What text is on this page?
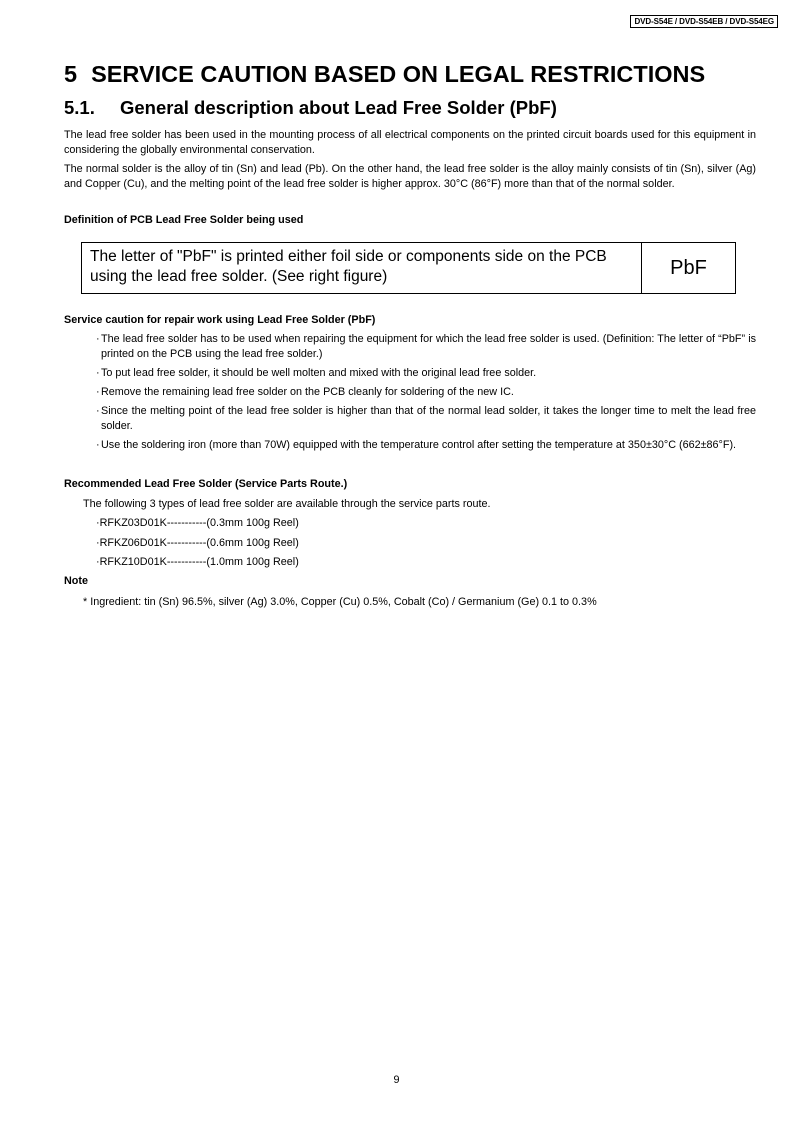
DVD-S54E / DVD-S54EB / DVD-S54EG
5 SERVICE CAUTION BASED ON LEGAL RESTRICTIONS
5.1. General description about Lead Free Solder (PbF)

The lead free solder has been used in the mounting process of all electrical components on the printed circuit boards used for this equipment in considering the globally environmental conservation.

The normal solder is the alloy of tin (Sn) and lead (Pb). On the other hand, the lead free solder is the alloy mainly consists of tin (Sn), silver (Ag) and Copper (Cu), and the melting point of the lead free solder is higher approx. 30°C (86°F) more than that of the normal solder.

Definition of PCB Lead Free Solder being used
The letter of "PbF" is printed either foil side or components side on the PCB using the lead free solder. (See right figure)	PbF
Service caution for repair work using Lead Free Solder (PbF)
· The lead free solder has to be used when repairing the equipment for which the lead free solder is used. (Definition: The letter of “PbF” is printed on the PCB using the lead free solder.)
· To put lead free solder, it should be well molten and mixed with the original lead free solder.
· Remove the remaining lead free solder on the PCB cleanly for soldering of the new IC.
· Since the melting point of the lead free solder is higher than that of the normal lead solder, it takes the longer time to melt the lead free solder.
· Use the soldering iron (more than 70W) equipped with the temperature control after setting the temperature at 350±30°C (662±86°F).
Recommended Lead Free Solder (Service Parts Route.)
The following 3 types of lead free solder are available through the service parts route.
·RFKZ03D01K-----------(0.3mm 100g Reel)
·RFKZ06D01K-----------(0.6mm 100g Reel)
·RFKZ10D01K-----------(1.0mm 100g Reel)
Note
* Ingredient: tin (Sn) 96.5%, silver (Ag) 3.0%, Copper (Cu) 0.5%, Cobalt (Co) / Germanium (Ge) 0.1 to 0.3%
9
